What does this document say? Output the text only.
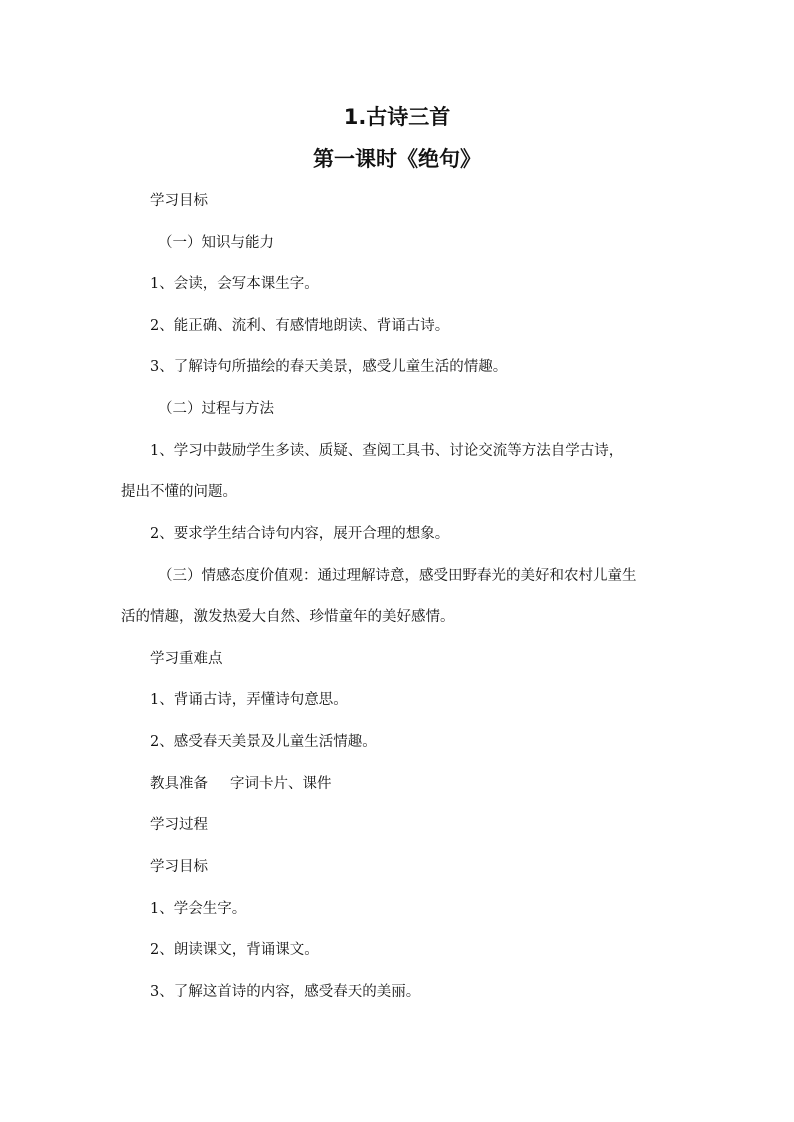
1.古诗三首
第一课时《绝句》
学习目标
（一）知识与能力
1、会读，会写本课生字。
2、能正确、流利、有感情地朗读、背诵古诗。
3、了解诗句所描绘的春天美景，感受儿童生活的情趣。
（二）过程与方法
1、学习中鼓励学生多读、质疑、查阅工具书、讨论交流等方法自学古诗，
提出不懂的问题。
2、要求学生结合诗句内容，展开合理的想象。
（三）情感态度价值观：通过理解诗意，感受田野春光的美好和农村儿童生
活的情趣，激发热爱大自然、珍惜童年的美好感情。
学习重难点
1、背诵古诗，弄懂诗句意思。
2、感受春天美景及儿童生活情趣。
教具准备 字词卡片、课件
学习过程
学习目标
1、学会生字。
2、朗读课文，背诵课文。
3、了解这首诗的内容，感受春天的美丽。
